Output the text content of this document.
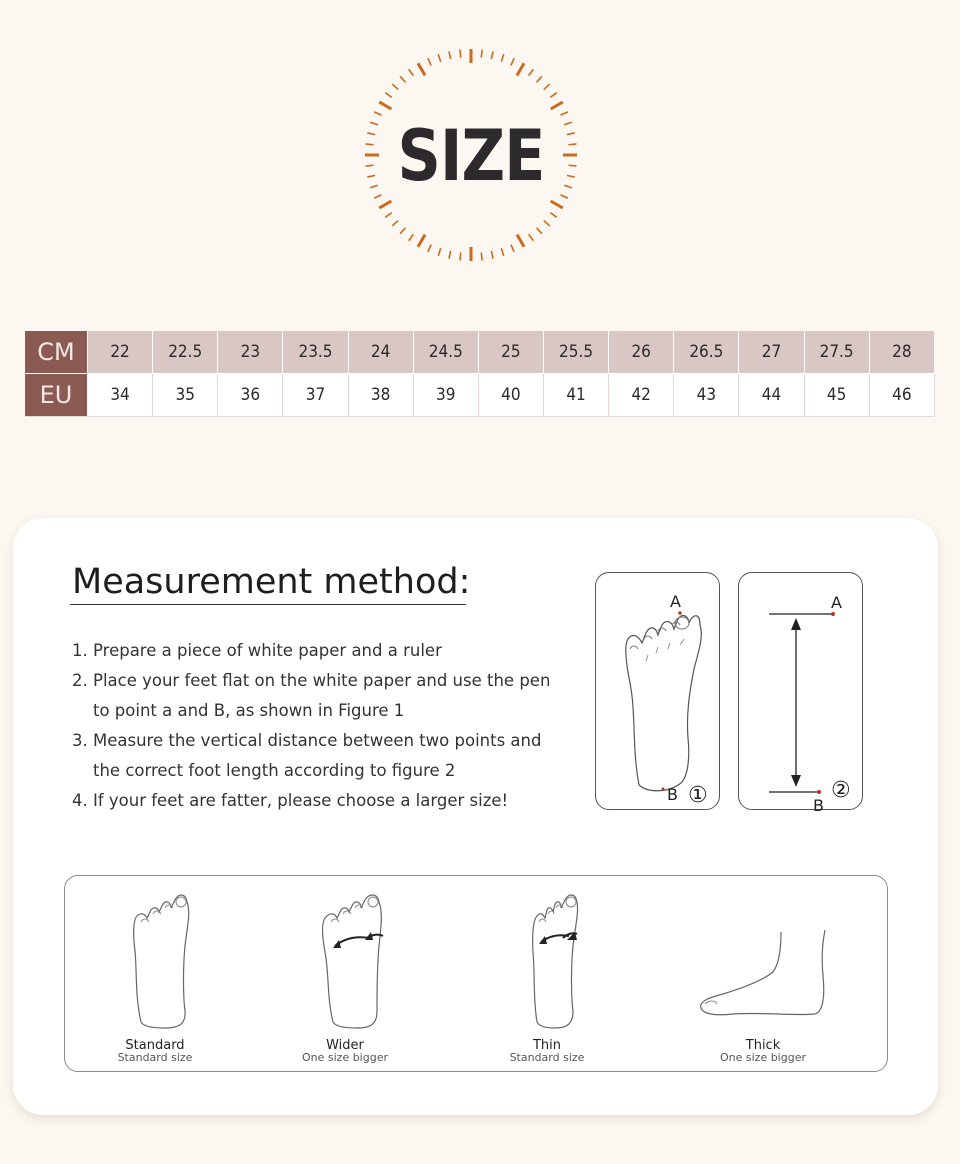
SIZE
CM	22	22.5	23	23.5	24	24.5	25	25.5	26	26.5	27	27.5	28
EU	34	35	36	37	38	39	40	41	42	43	44	45	46
Measurement method:
1. Prepare a piece of white paper and a ruler
2. Place your feet flat on the white paper and use the pen to point a and B, as shown in Figure 1
3. Measure the vertical distance between two points and the correct foot length according to figure 2
4. If your feet are fatter, please choose a larger size!
A
B ①
A
B
②
Standard
Standard size
Wider
One size bigger
Thin
Standard size
Thick
One size bigger
